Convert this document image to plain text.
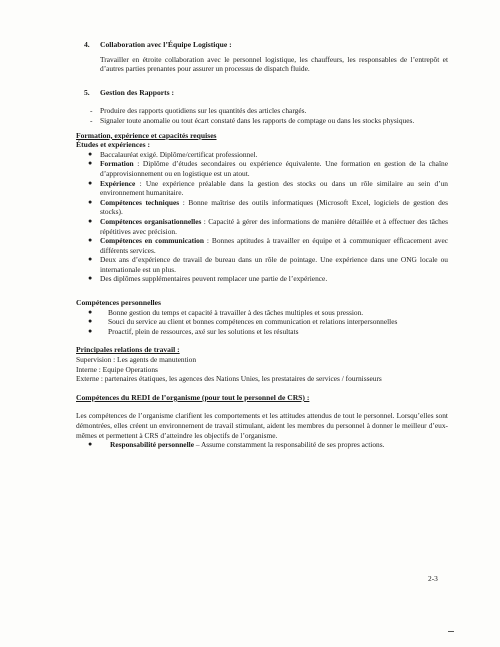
4.	Collaboration avec l’Équipe Logistique :

Travailler en étroite collaboration avec le personnel logistique, les chauffeurs, les responsables de l’entrepôt et d’autres parties prenantes pour assurer un processus de dispatch fluide.

5.	Gestion des Rapports :
-	Produire des rapports quotidiens sur les quantités des articles chargés.
-	Signaler toute anomalie ou tout écart constaté dans les rapports de comptage ou dans les stocks physiques.
Formation, expérience et capacités requises
Études et expériences :
●	Baccalauréat exigé. Diplôme/certificat professionnel.
●	Formation : Diplôme d’études secondaires ou expérience équivalente. Une formation en gestion de la chaîne d’approvisionnement ou en logistique est un atout.
●	Expérience : Une expérience préalable dans la gestion des stocks ou dans un rôle similaire au sein d’un environnement humanitaire.
●	Compétences techniques : Bonne maîtrise des outils informatiques (Microsoft Excel, logiciels de gestion des stocks).
●	Compétences organisationnelles : Capacité à gérer des informations de manière détaillée et à effectuer des tâches répétitives avec précision.
●	Compétences en communication : Bonnes aptitudes à travailler en équipe et à communiquer efficacement avec différents services.
●	Deux ans d’expérience de travail de bureau dans un rôle de pointage. Une expérience dans une ONG locale ou internationale est un plus.
●	Des diplômes supplémentaires peuvent remplacer une partie de l’expérience.
Compétences personnelles
●	Bonne gestion du temps et capacité à travailler à des tâches multiples et sous pression.
●	Souci du service au client et bonnes compétences en communication et relations interpersonnelles
●	Proactif, plein de ressources, axé sur les solutions et les résultats
Principales relations de travail :
Supervision : Les agents de manutention
Interne : Equipe Operations
Externe : partenaires étatiques, les agences des Nations Unies, les prestataires de services / fournisseurs
Compétences du REDI de l’organisme (pour tout le personnel de CRS) :

Les compétences de l’organisme clarifient les comportements et les attitudes attendus de tout le personnel. Lorsqu’elles sont démontrées, elles créent un environnement de travail stimulant, aident les membres du personnel à donner le meilleur d’eux-mêmes et permettent à CRS d’atteindre les objectifs de l’organisme.

●	Responsabilité personnelle – Assume constamment la responsabilité de ses propres actions.
2-3
